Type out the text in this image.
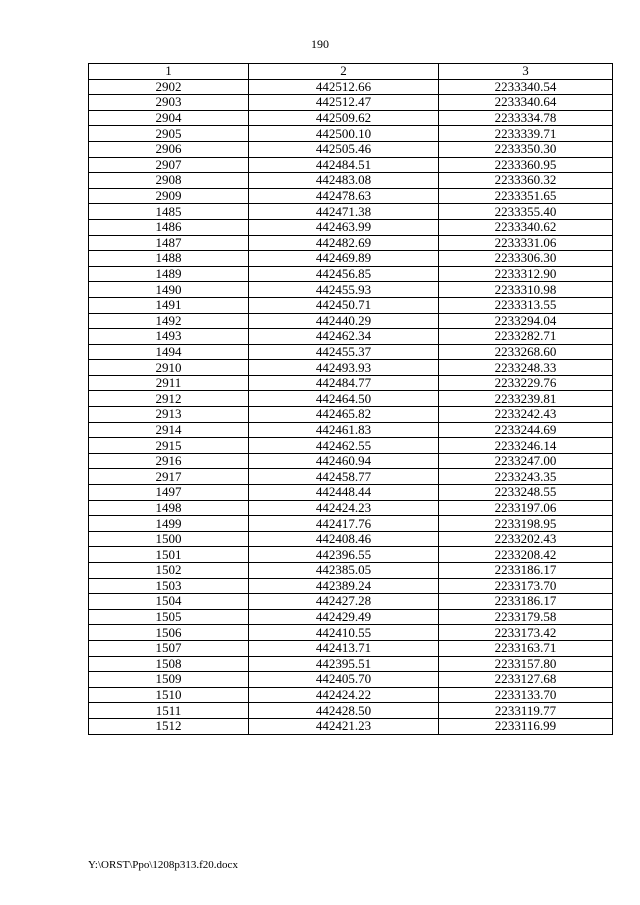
190
1	2	3
2902	442512.66	2233340.54
2903	442512.47	2233340.64
2904	442509.62	2233334.78
2905	442500.10	2233339.71
2906	442505.46	2233350.30
2907	442484.51	2233360.95
2908	442483.08	2233360.32
2909	442478.63	2233351.65
1485	442471.38	2233355.40
1486	442463.99	2233340.62
1487	442482.69	2233331.06
1488	442469.89	2233306.30
1489	442456.85	2233312.90
1490	442455.93	2233310.98
1491	442450.71	2233313.55
1492	442440.29	2233294.04
1493	442462.34	2233282.71
1494	442455.37	2233268.60
2910	442493.93	2233248.33
2911	442484.77	2233229.76
2912	442464.50	2233239.81
2913	442465.82	2233242.43
2914	442461.83	2233244.69
2915	442462.55	2233246.14
2916	442460.94	2233247.00
2917	442458.77	2233243.35
1497	442448.44	2233248.55
1498	442424.23	2233197.06
1499	442417.76	2233198.95
1500	442408.46	2233202.43
1501	442396.55	2233208.42
1502	442385.05	2233186.17
1503	442389.24	2233173.70
1504	442427.28	2233186.17
1505	442429.49	2233179.58
1506	442410.55	2233173.42
1507	442413.71	2233163.71
1508	442395.51	2233157.80
1509	442405.70	2233127.68
1510	442424.22	2233133.70
1511	442428.50	2233119.77
1512	442421.23	2233116.99
Y:\ORST\Ppo\1208p313.f20.docx
